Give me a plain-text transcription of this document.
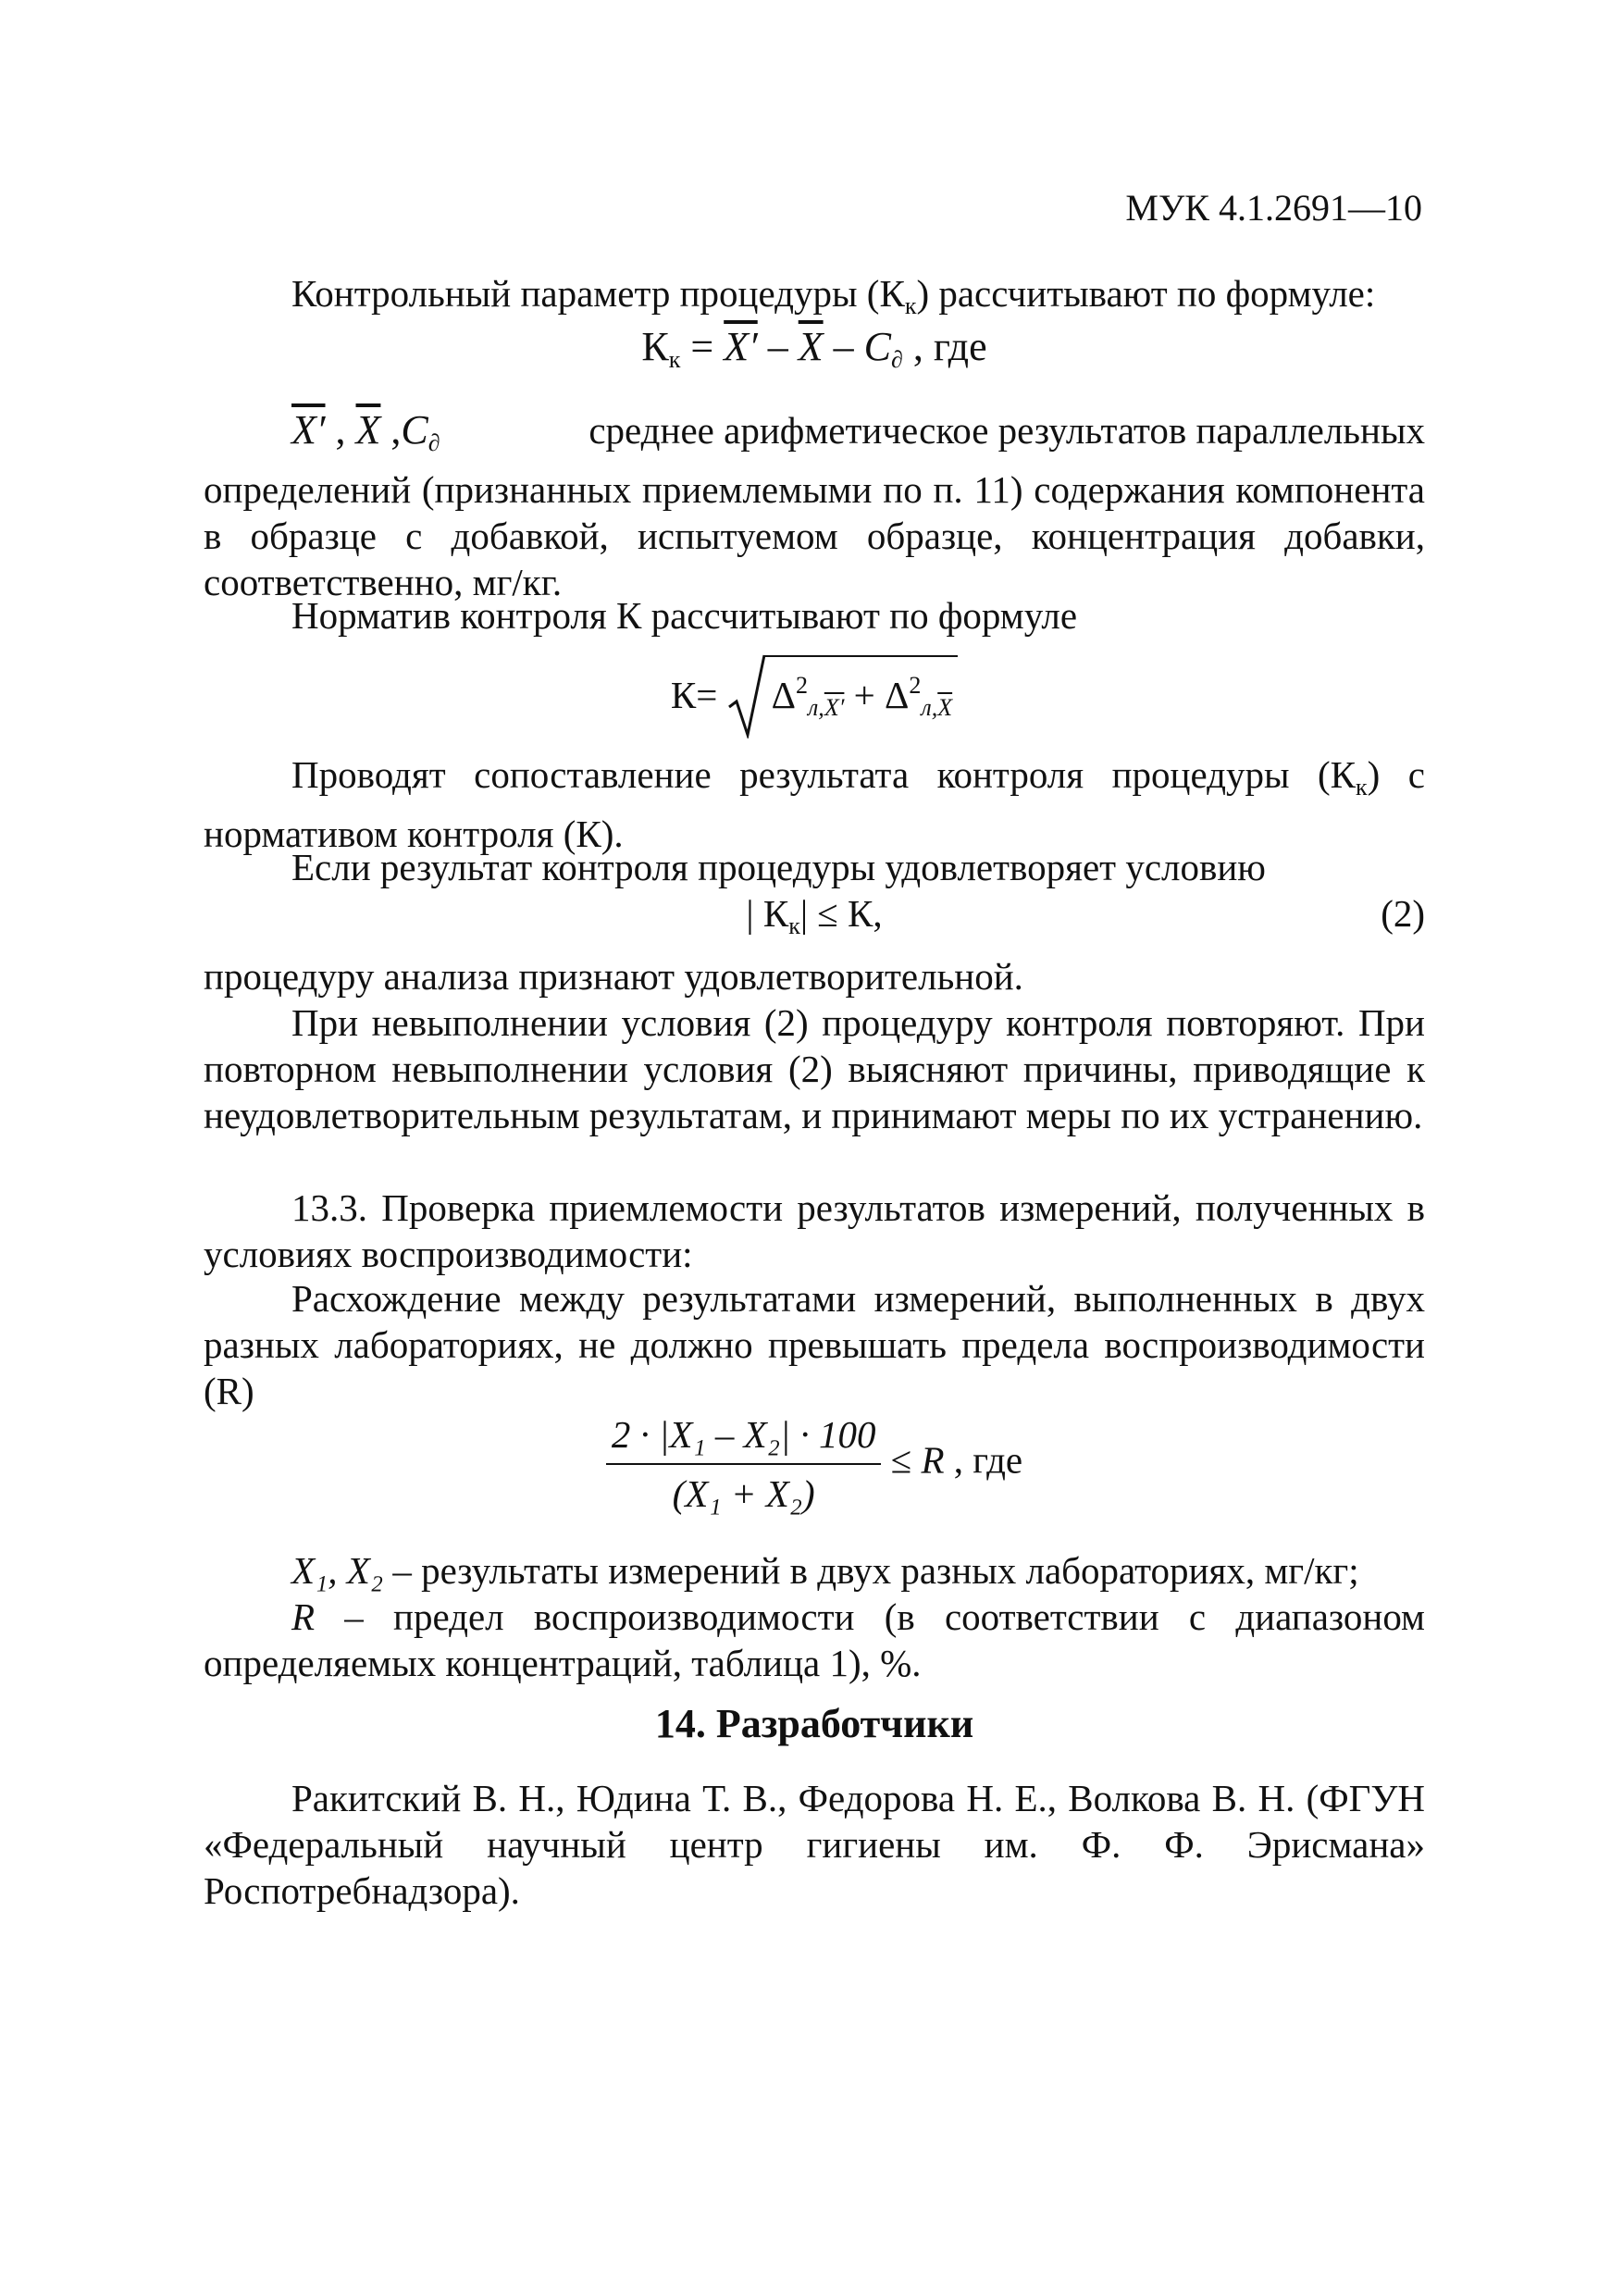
МУК 4.1.2691—10
Контрольный параметр процедуры $(К_к)$ рассчитывают по формуле:
$К_к = X' - \overline{X} - C_\partial$ , где
X′ , $\overline{X}$ $,C_\partial$	среднее арифметическое результатов параллельных
определений (признанных приемлемыми по п. 11) содержания компонента в образце с добавкой, испытуемом образце, концентрация добавки, соответственно, мг/кг.
Норматив контроля К рассчитывают по формуле
$К= \Delta^2_{л,X'} + \Delta^2_{л,\overline{X}}$
Проводят сопоставление результата контроля процедуры $(К_к)$ с нормативом контроля (К).
Если результат контроля процедуры удовлетворяет условию
| $К_к| \le К$,	(2)
процедуру анализа признают удовлетворительной.
При невыполнении условия (2) процедуру контроля повторяют. При повторном невыполнении условия (2) выясняют причины, приводящие к неудовлетворительным результатам, и принимают меры по их устранению.
13.3. Проверка приемлемости результатов измерений, полученных в условиях воспроизводимости:
Расхождение между результатами измерений, выполненных в двух разных лабораториях, не должно превышать предела воспроизводимости (R)
$\frac{\text{2 · |X₁ – X₂| · 100}}{\text{(X₁ + X₂)}} \le R$ , где
X₁, X₂ – результаты измерений в двух разных лабораториях, мг/кг;
R – предел воспроизводимости (в соответствии с диапазоном определяемых концентраций, таблица 1), %.
14. Разработчики
Ракитский В. Н., Юдина Т. В., Федорова Н. Е., Волкова В. Н. (ФГУН «Федеральный научный центр гигиены им. Ф. Ф. Эрисмана» Роспотребнадзора).
